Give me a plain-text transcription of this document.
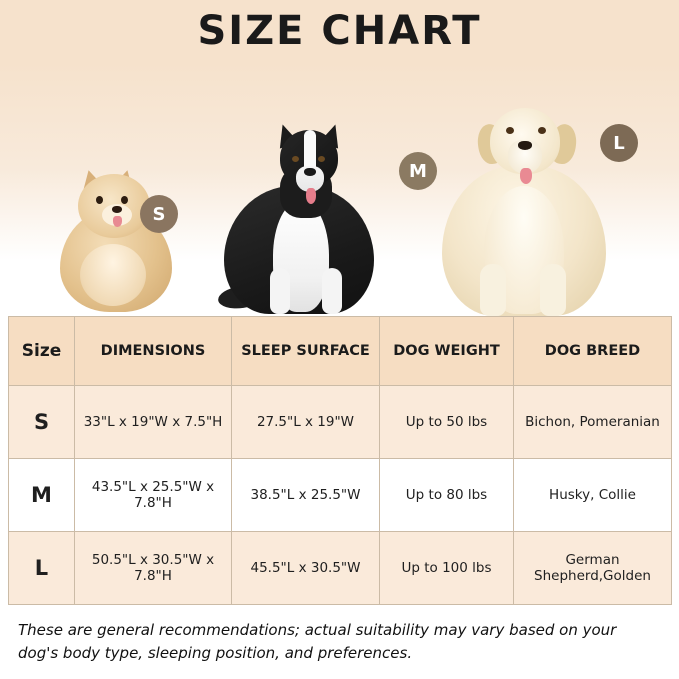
SIZE CHART
S
M
L
Size	DIMENSIONS	SLEEP SURFACE	DOG WEIGHT	DOG BREED
S	33"L x 19"W x 7.5"H	27.5"L x 19"W	Up to 50 lbs	Bichon, Pomeranian
M	43.5"L x 25.5"W x 7.8"H	38.5"L x 25.5"W	Up to 80 lbs	Husky, Collie
L	50.5"L x 30.5"W x 7.8"H	45.5"L x 30.5"W	Up to 100 lbs	German Shepherd,Golden
These are general recommendations; actual suitability may vary based on your dog's body type, sleeping position, and preferences.
